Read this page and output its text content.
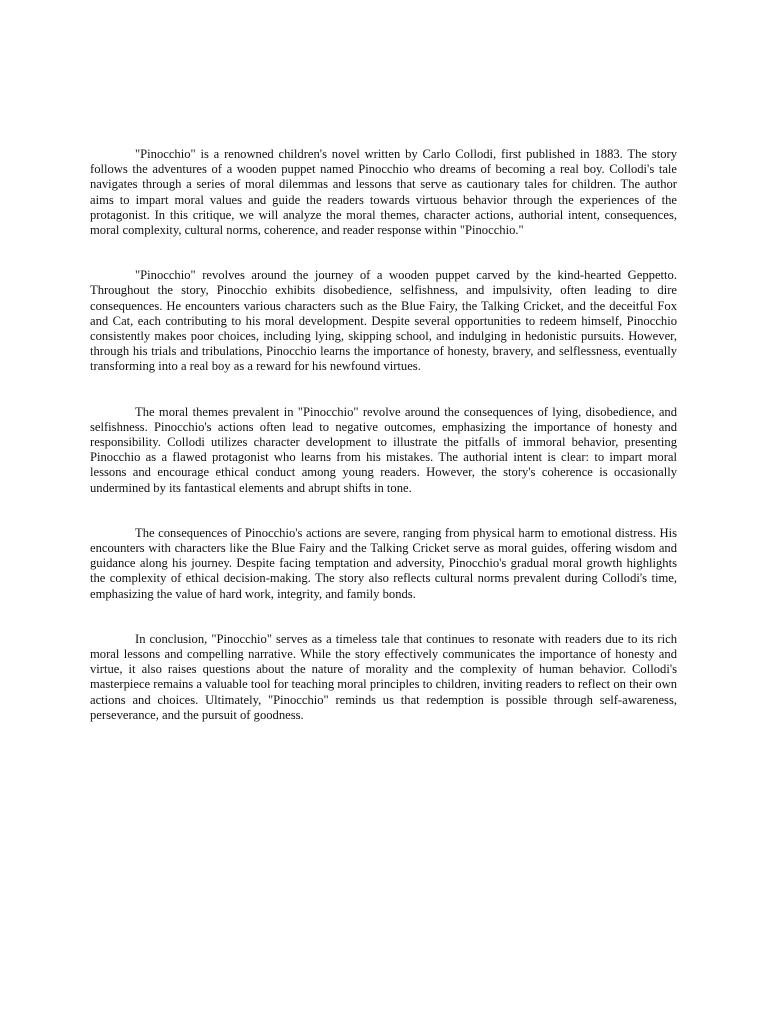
"Pinocchio" is a renowned children's novel written by Carlo Collodi, first published in 1883. The story follows the adventures of a wooden puppet named Pinocchio who dreams of becoming a real boy. Collodi's tale navigates through a series of moral dilemmas and lessons that serve as cautionary tales for children. The author aims to impart moral values and guide the readers towards virtuous behavior through the experiences of the protagonist. In this critique, we will analyze the moral themes, character actions, authorial intent, consequences, moral complexity, cultural norms, coherence, and reader response within "Pinocchio."

"Pinocchio" revolves around the journey of a wooden puppet carved by the kind-hearted Geppetto. Throughout the story, Pinocchio exhibits disobedience, selfishness, and impulsivity, often leading to dire consequences. He encounters various characters such as the Blue Fairy, the Talking Cricket, and the deceitful Fox and Cat, each contributing to his moral development. Despite several opportunities to redeem himself, Pinocchio consistently makes poor choices, including lying, skipping school, and indulging in hedonistic pursuits. However, through his trials and tribulations, Pinocchio learns the importance of honesty, bravery, and selflessness, eventually transforming into a real boy as a reward for his newfound virtues.

The moral themes prevalent in "Pinocchio" revolve around the consequences of lying, disobedience, and selfishness. Pinocchio's actions often lead to negative outcomes, emphasizing the importance of honesty and responsibility. Collodi utilizes character development to illustrate the pitfalls of immoral behavior, presenting Pinocchio as a flawed protagonist who learns from his mistakes. The authorial intent is clear: to impart moral lessons and encourage ethical conduct among young readers. However, the story's coherence is occasionally undermined by its fantastical elements and abrupt shifts in tone.

The consequences of Pinocchio's actions are severe, ranging from physical harm to emotional distress. His encounters with characters like the Blue Fairy and the Talking Cricket serve as moral guides, offering wisdom and guidance along his journey. Despite facing temptation and adversity, Pinocchio's gradual moral growth highlights the complexity of ethical decision-making. The story also reflects cultural norms prevalent during Collodi's time, emphasizing the value of hard work, integrity, and family bonds.

In conclusion, "Pinocchio" serves as a timeless tale that continues to resonate with readers due to its rich moral lessons and compelling narrative. While the story effectively communicates the importance of honesty and virtue, it also raises questions about the nature of morality and the complexity of human behavior. Collodi's masterpiece remains a valuable tool for teaching moral principles to children, inviting readers to reflect on their own actions and choices. Ultimately, "Pinocchio" reminds us that redemption is possible through self-awareness, perseverance, and the pursuit of goodness.
